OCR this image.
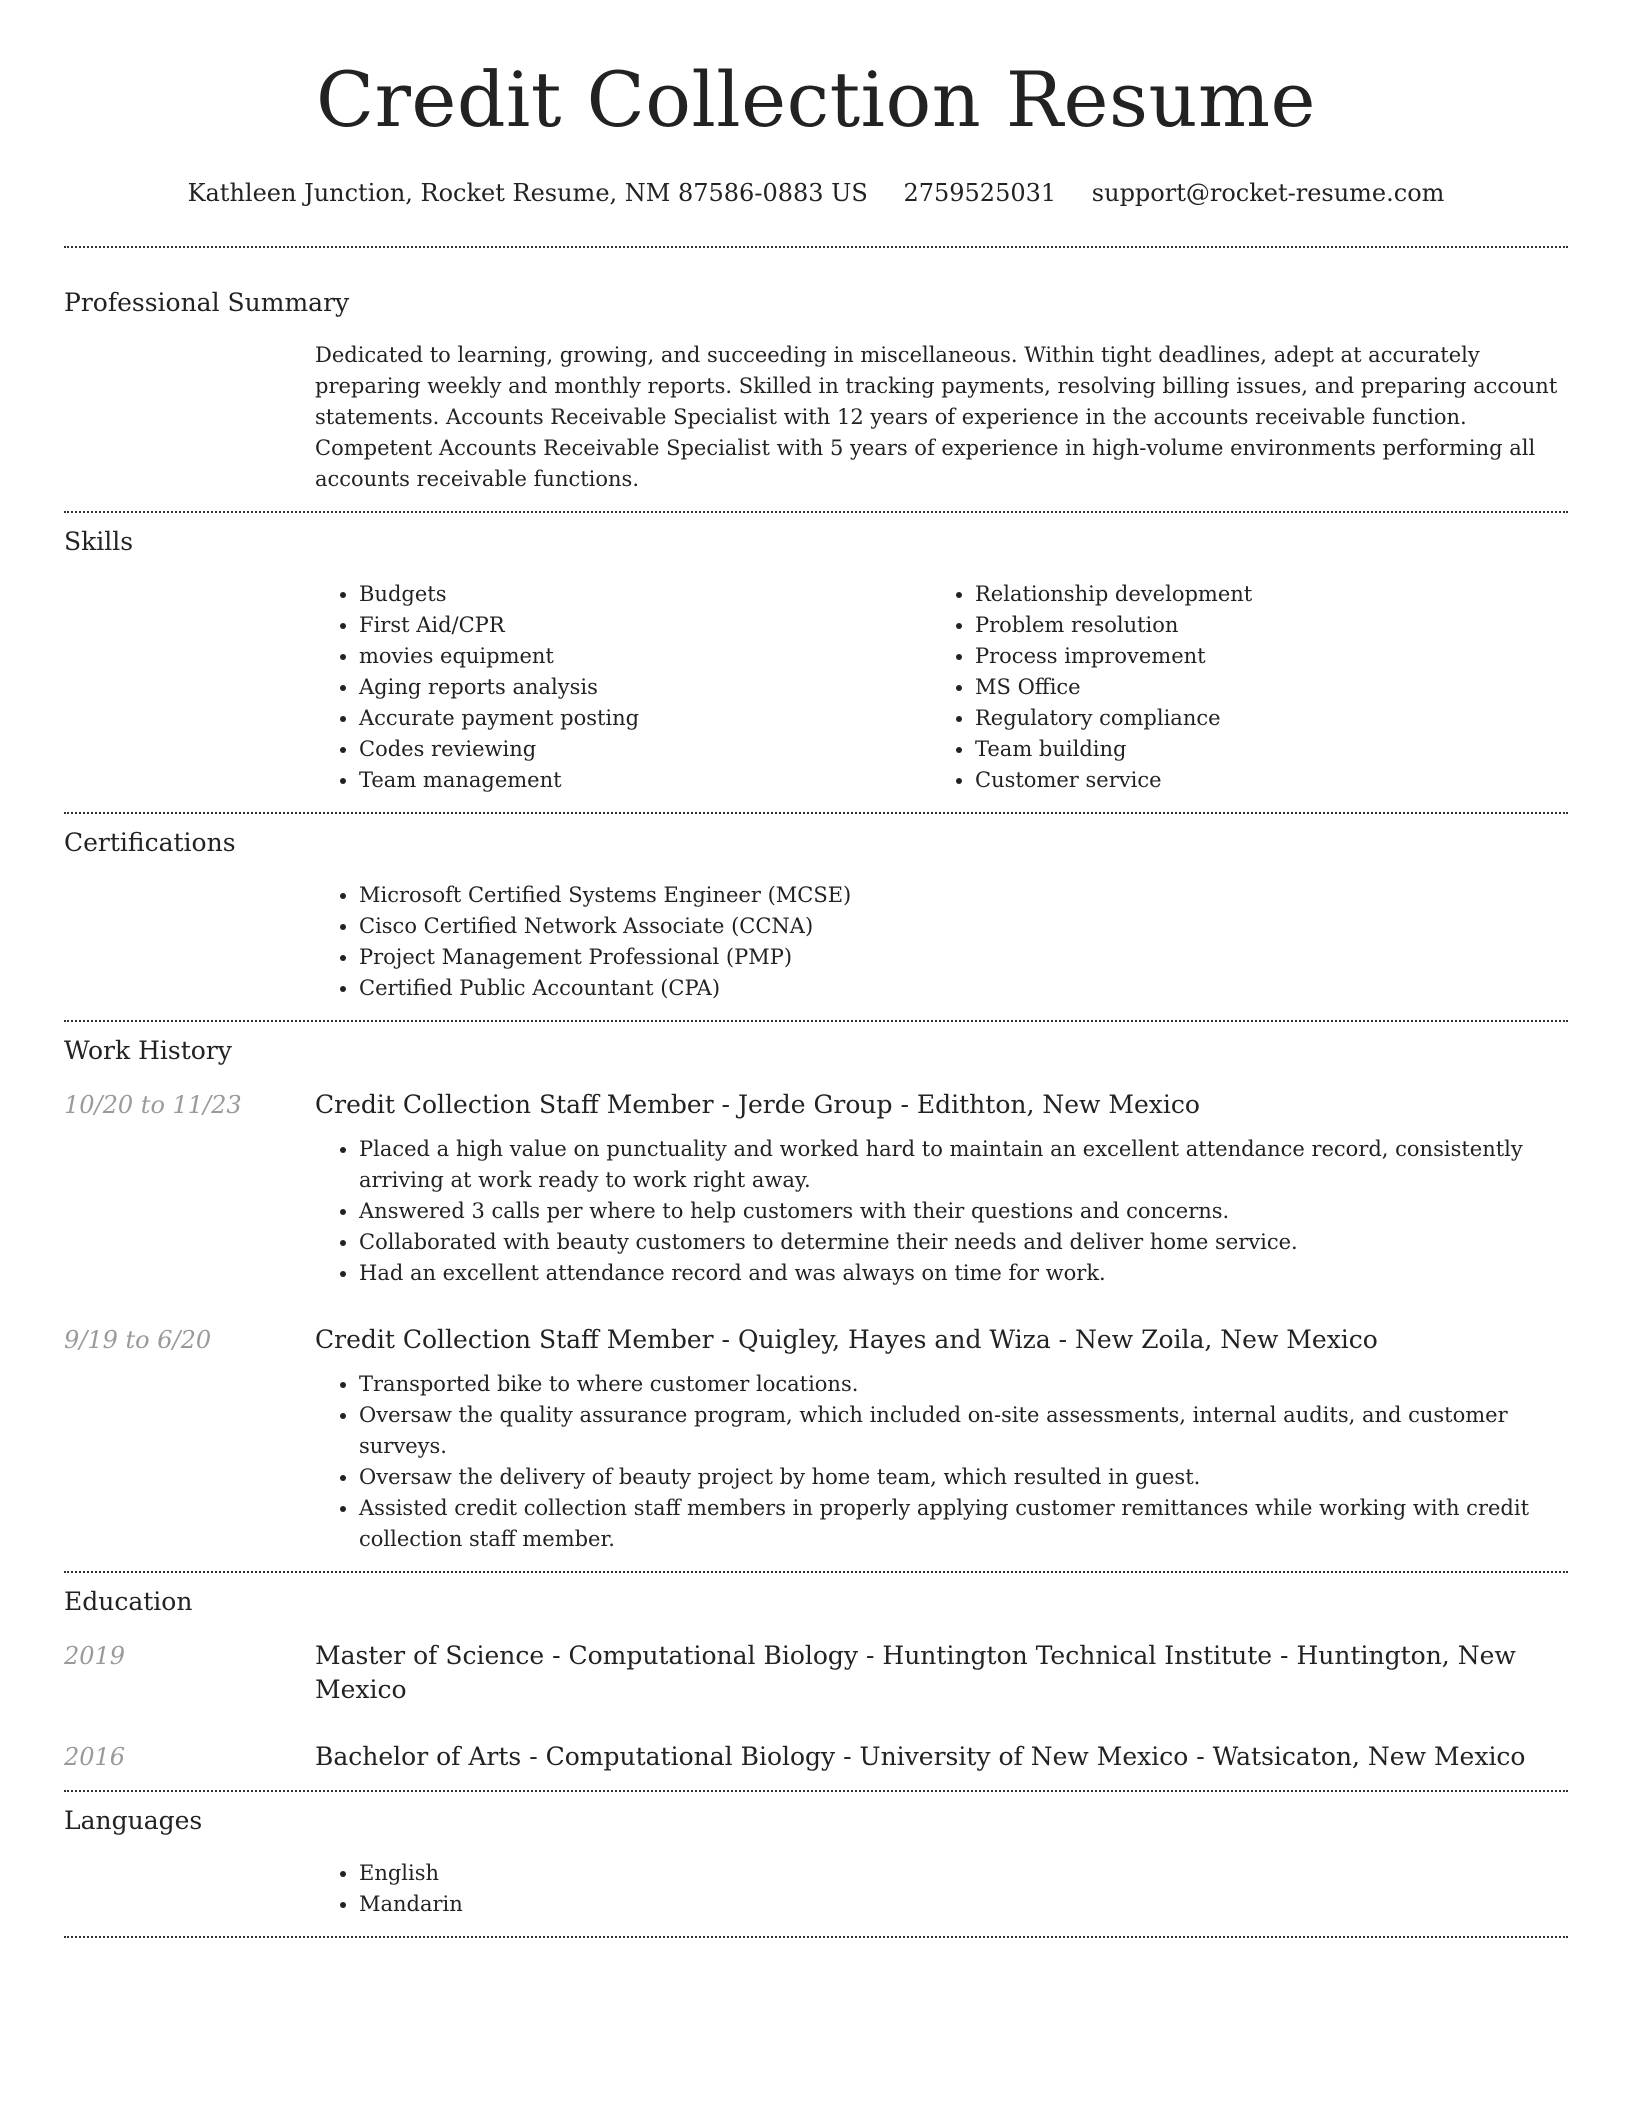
Credit Collection Resume
Kathleen Junction, Rocket Resume, NM 87586-0883 US 2759525031 support@rocket-resume.com
Professional Summary

Dedicated to learning, growing, and succeeding in miscellaneous. Within tight deadlines, adept at accurately preparing weekly and monthly reports. Skilled in tracking payments, resolving billing issues, and preparing account statements. Accounts Receivable Specialist with 12 years of experience in the accounts receivable function. Competent Accounts Receivable Specialist with 5 years of experience in high-volume environments performing all accounts receivable functions.

Skills
• Budgets
• First Aid/CPR
• movies equipment
• Aging reports analysis
• Accurate payment posting
• Codes reviewing
• Team management
• Relationship development
• Problem resolution
• Process improvement
• MS Office
• Regulatory compliance
• Team building
• Customer service
Certifications
• Microsoft Certified Systems Engineer (MCSE)
• Cisco Certified Network Associate (CCNA)
• Project Management Professional (PMP)
• Certified Public Accountant (CPA)
Work History
10/20 to 11/23	Credit Collection Staff Member - Jerde Group - Edithton, New Mexico
• Placed a high value on punctuality and worked hard to maintain an excellent attendance record, consistently arriving at work ready to work right away.
• Answered 3 calls per where to help customers with their questions and concerns.
• Collaborated with beauty customers to determine their needs and deliver home service.
• Had an excellent attendance record and was always on time for work.
9/19 to 6/20	Credit Collection Staff Member - Quigley, Hayes and Wiza - New Zoila, New Mexico
• Transported bike to where customer locations.
• Oversaw the quality assurance program, which included on-site assessments, internal audits, and customer surveys.
• Oversaw the delivery of beauty project by home team, which resulted in guest.
• Assisted credit collection staff members in properly applying customer remittances while working with credit collection staff member.
Education
2019	Master of Science - Computational Biology - Huntington Technical Institute - Huntington, New Mexico
2016	Bachelor of Arts - Computational Biology - University of New Mexico - Watsicaton, New Mexico
Languages
• English
• Mandarin
